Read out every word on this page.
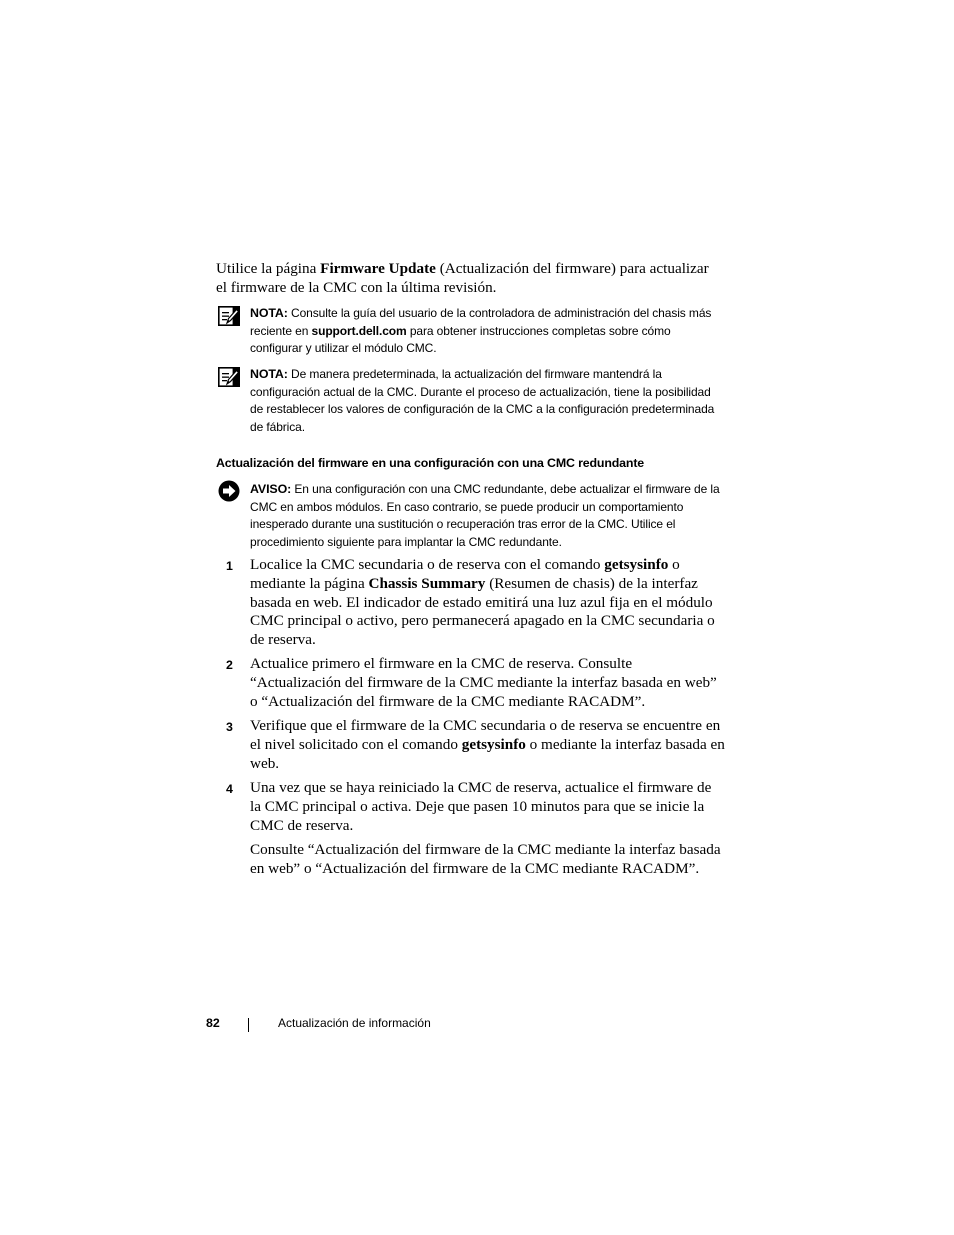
Utilice la página Firmware Update (Actualización del firmware) para actualizar el firmware de la CMC con la última revisión.

NOTA: Consulte la guía del usuario de la controladora de administración del chasis más reciente en support.dell.com para obtener instrucciones completas sobre cómo configurar y utilizar el módulo CMC.
NOTA: De manera predeterminada, la actualización del firmware mantendrá la configuración actual de la CMC. Durante el proceso de actualización, tiene la posibilidad de restablecer los valores de configuración de la CMC a la configuración predeterminada de fábrica.
Actualización del firmware en una configuración con una CMC redundante
AVISO: En una configuración con una CMC redundante, debe actualizar el firmware de la CMC en ambos módulos. En caso contrario, se puede producir un comportamiento inesperado durante una sustitución o recuperación tras error de la CMC. Utilice el procedimiento siguiente para implantar la CMC redundante.
1 Localice la CMC secundaria o de reserva con el comando getsysinfo o mediante la página Chassis Summary (Resumen de chasis) de la interfaz basada en web. El indicador de estado emitirá una luz azul fija en el módulo CMC principal o activo, pero permanecerá apagado en la CMC secundaria o de reserva.
2 Actualice primero el firmware en la CMC de reserva. Consulte “Actualización del firmware de la CMC mediante la interfaz basada en web” o “Actualización del firmware de la CMC mediante RACADM”.
3 Verifique que el firmware de la CMC secundaria o de reserva se encuentre en el nivel solicitado con el comando getsysinfo o mediante la interfaz basada en web.
4 Una vez que se haya reiniciado la CMC de reserva, actualice el firmware de la CMC principal o activa. Deje que pasen 10 minutos para que se inicie la CMC de reserva.
Consulte “Actualización del firmware de la CMC mediante la interfaz basada en web” o “Actualización del firmware de la CMC mediante RACADM”.
82	Actualización de información
